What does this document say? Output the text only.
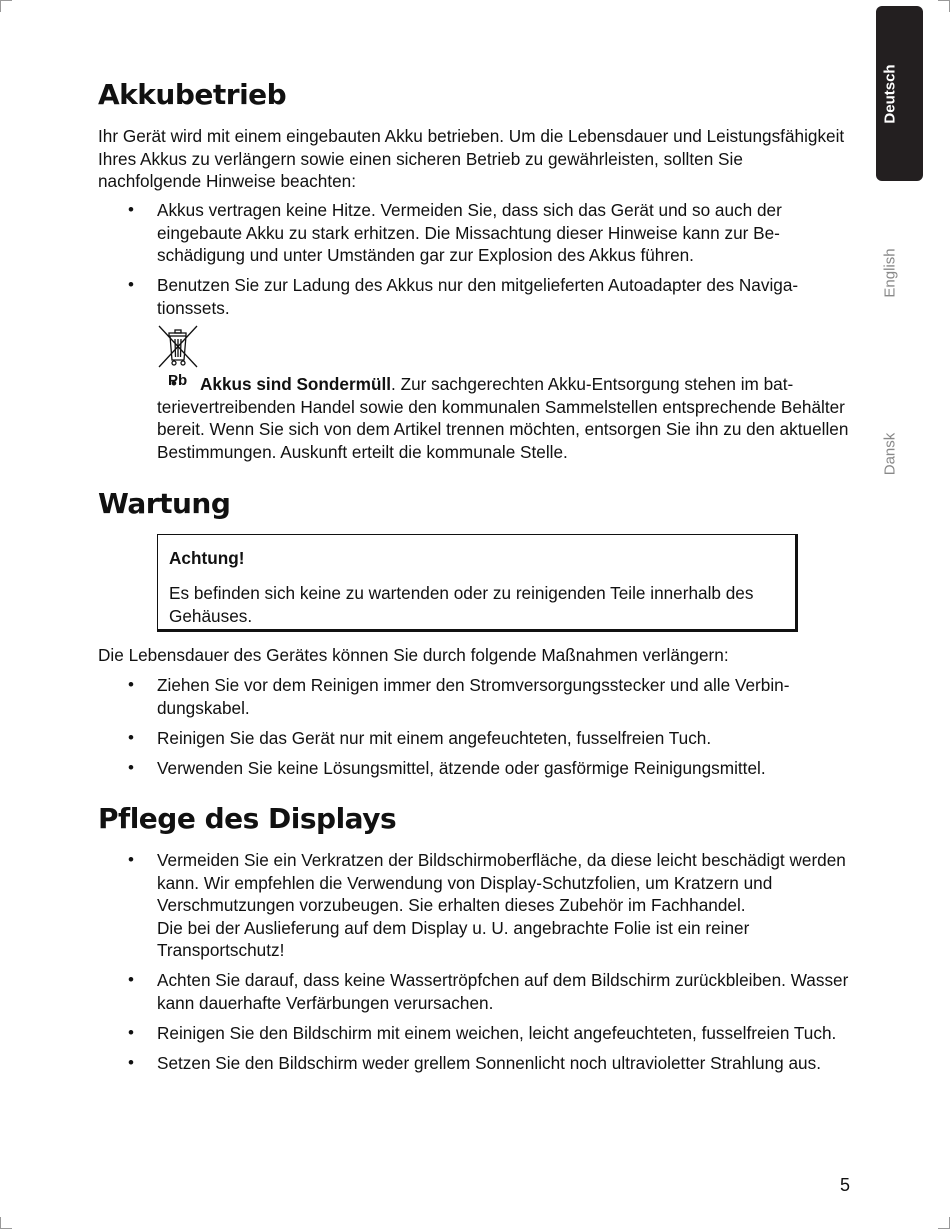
Deutsch
English
Dansk
Akkubetrieb

Ihr Gerät wird mit einem eingebauten Akku betrieben. Um die Lebensdauer und Leistungsfähigkeit Ihres Akkus zu verlängern sowie einen sicheren Betrieb zu gewährleisten, sollten Sie nachfolgende Hinweise beachten:

• Akkus vertragen keine Hitze. Vermeiden Sie, dass sich das Gerät und so auch der eingebaute Akku zu stark erhitzen. Die Missachtung dieser Hinweise kann zur Beschädigung und unter Umständen gar zur Explosion des Akkus führen.
• Benutzen Sie zur Ladung des Akkus nur den mitgelieferten Autoadapter des Navigationssets.
Pb
• Akkus sind Sondermüll. Zur sachgerechten Akku-Entsorgung stehen im batterievertreibenden Handel sowie den kommunalen Sammelstellen entsprechende Behälter bereit. Wenn Sie sich von dem Artikel trennen möchten, entsorgen Sie ihn zu den aktuellen Bestimmungen. Auskunft erteilt die kommunale Stelle.
Wartung

Achtung!

Es befinden sich keine zu wartenden oder zu reinigenden Teile innerhalb des Gehäuses.

Die Lebensdauer des Gerätes können Sie durch folgende Maßnahmen verlängern:

• Ziehen Sie vor dem Reinigen immer den Stromversorgungsstecker und alle Verbindungskabel.
• Reinigen Sie das Gerät nur mit einem angefeuchteten, fusselfreien Tuch.
• Verwenden Sie keine Lösungsmittel, ätzende oder gasförmige Reinigungsmittel.
Pflege des Displays
• Vermeiden Sie ein Verkratzen der Bildschirmoberfläche, da diese leicht beschädigt werden kann. Wir empfehlen die Verwendung von Display-Schutzfolien, um Kratzern und Verschmutzungen vorzubeugen. Sie erhalten dieses Zubehör im Fachhandel.
Die bei der Auslieferung auf dem Display u. U. angebrachte Folie ist ein reiner Transportschutz!
• Achten Sie darauf, dass keine Wassertröpfchen auf dem Bildschirm zurückbleiben. Wasser kann dauerhafte Verfärbungen verursachen.
• Reinigen Sie den Bildschirm mit einem weichen, leicht angefeuchteten, fusselfreien Tuch.
• Setzen Sie den Bildschirm weder grellem Sonnenlicht noch ultravioletter Strahlung aus.
5
